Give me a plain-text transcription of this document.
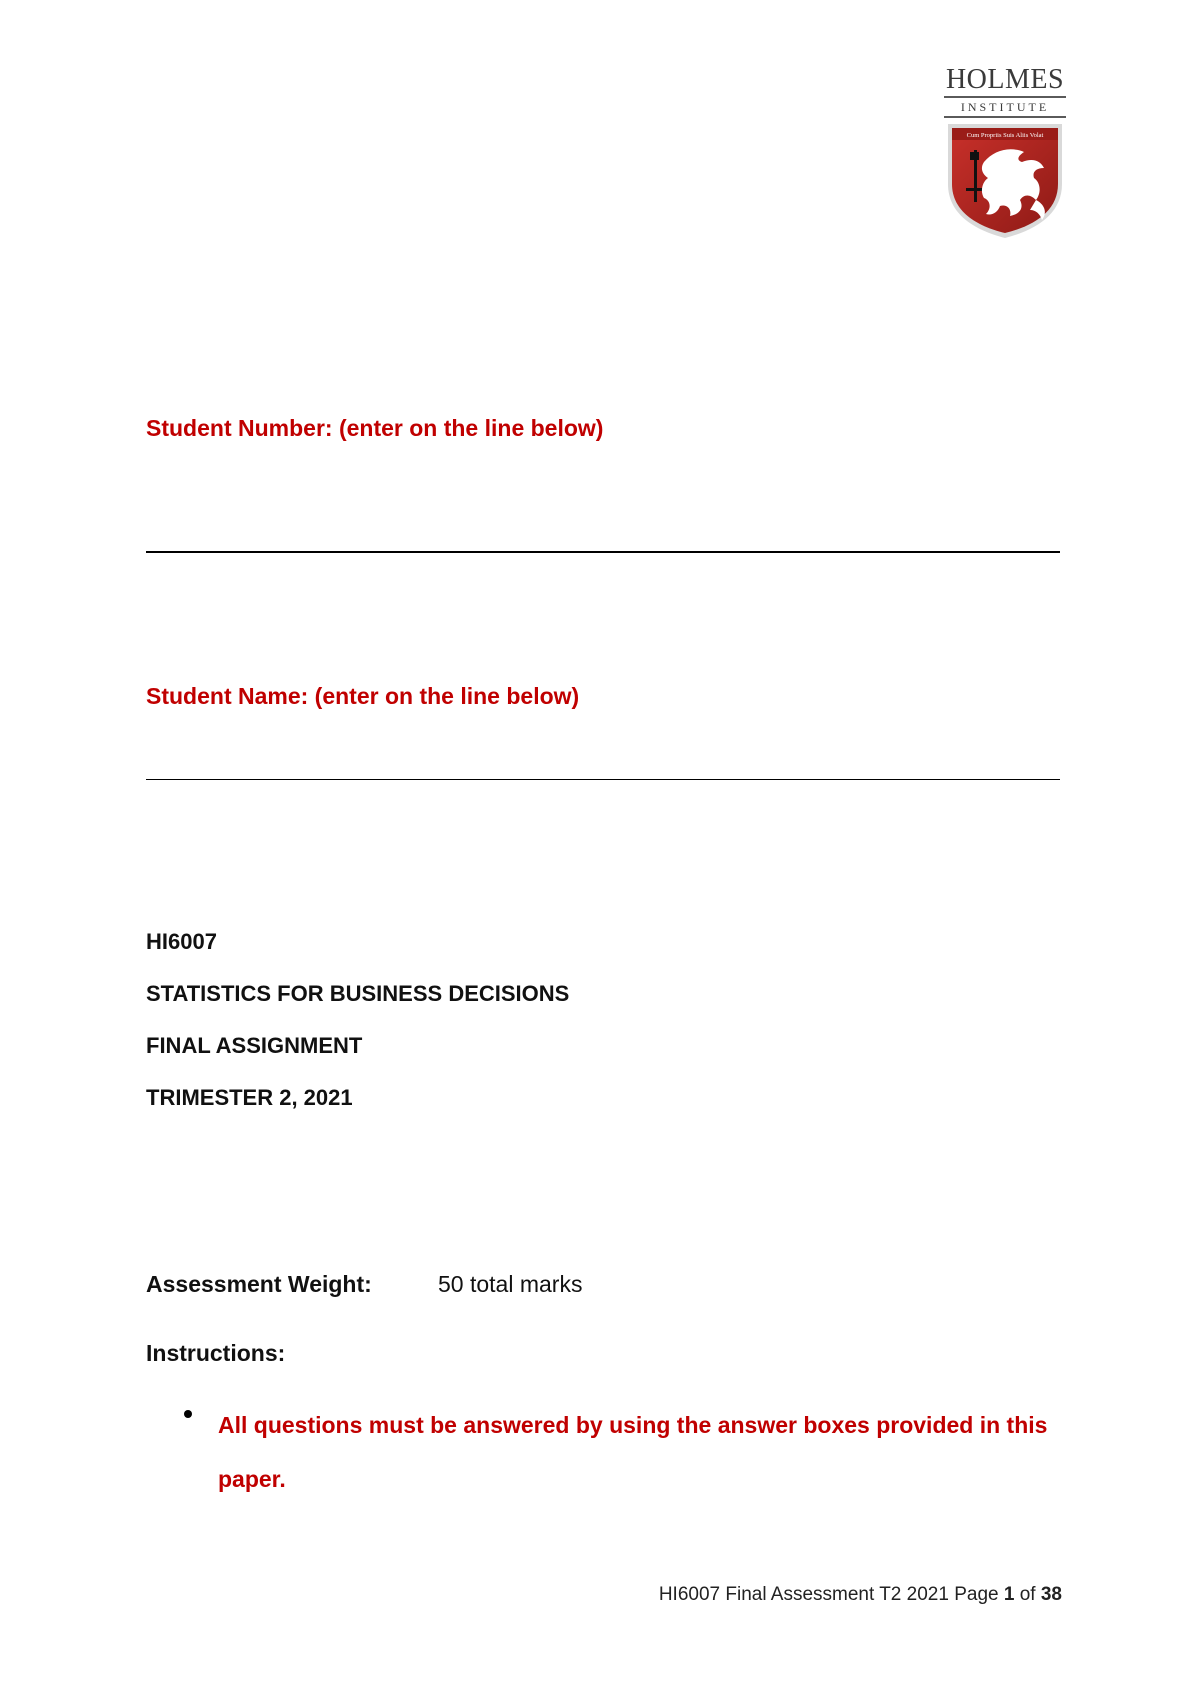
HOLMES
INSTITUTE
Cum Propriis Suis Aliis Volat
Student Number: (enter on the line below)
Student Name: (enter on the line below)
HI6007
STATISTICS FOR BUSINESS DECISIONS
FINAL ASSIGNMENT
TRIMESTER 2, 2021
Assessment Weight:	50 total marks
Instructions:
All questions must be answered by using the answer boxes provided in this paper.
HI6007 Final Assessment T2 2021 Page 1 of 38
